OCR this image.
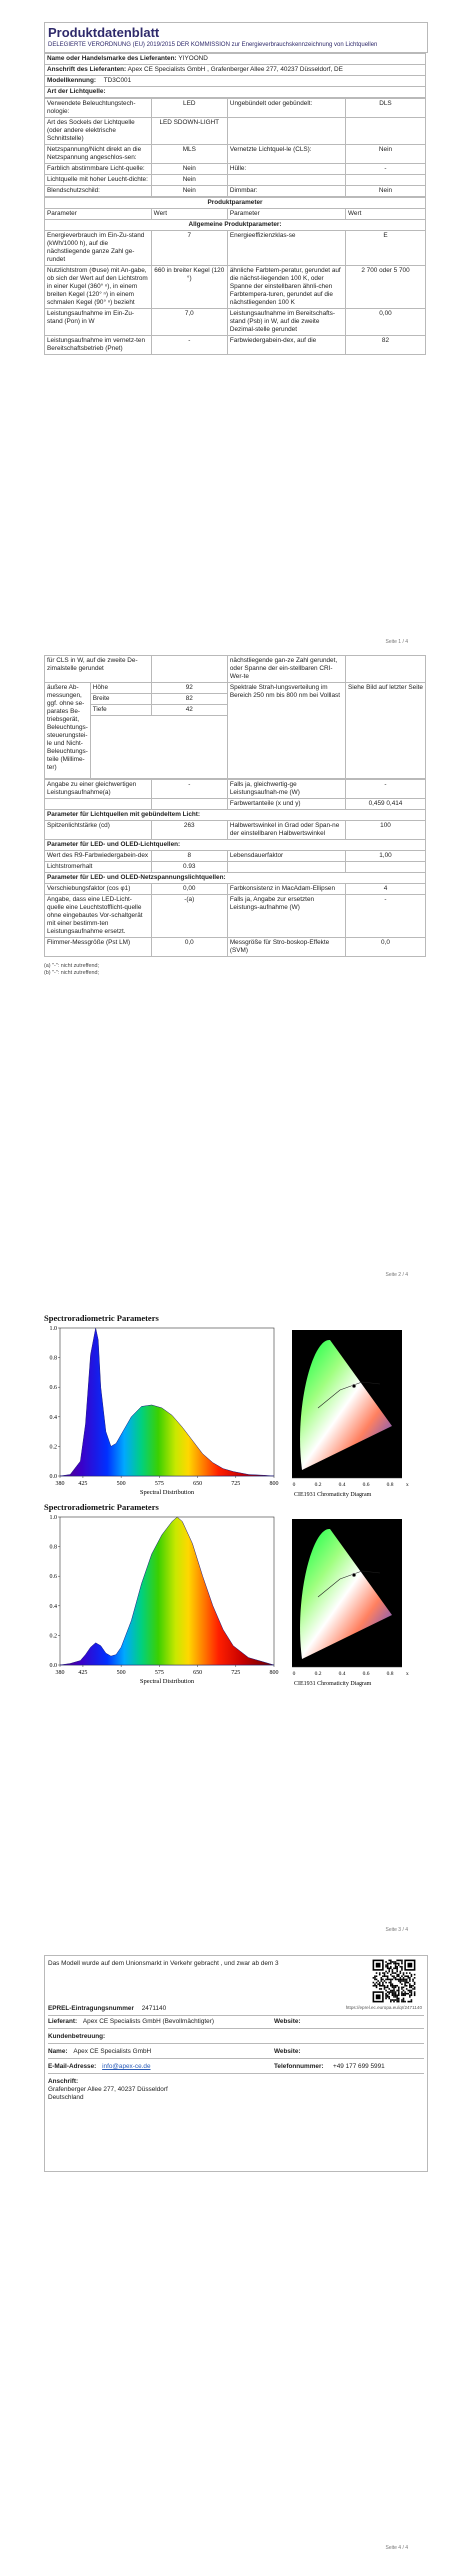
Produktdatenblatt
DELEGIERTE VERORDNUNG (EU) 2019/2015 DER KOMMISSION zur Energieverbrauchskennzeichnung von Lichtquellen
Name oder Handelsmarke des Lieferanten: YIYOOND
Anschrift des Lieferanten: Apex CE Specialists GmbH , Grafenberger Allee 277, 40237 Düsseldorf, DE
Modellkennung: TD3C001
Art der Lichtquelle:
Verwendete Beleuchtungstech-nologie:	LED	Ungebündelt oder gebündelt:	DLS
Art des Sockels der Lichtquelle (oder andere elektrische Schnittstelle)	LED SDOWN-LIGHT		
Netzspannung/Nicht direkt an die Netzspannung angeschlos-sen:	MLS	Vernetzte Lichtquel-le (CLS):	Nein
Farblich abstimmbare Licht-quelle:	Nein	Hülle:	-
Lichtquelle mit hoher Leucht-dichte:	Nein		
Blendschutzschild:	Nein	Dimmbar:	Nein
Produktparameter			
Parameter	Wert	Parameter	Wert
Allgemeine Produktparameter:			
Energieverbrauch im Ein-Zu-stand (kWh/1000 h), auf die nächstliegende ganze Zahl ge-rundet	7	Energieeffizienzklas-se	E
Nutzlichtstrom (Φuse) mit An-gabe, ob sich der Wert auf den Lichtstrom in einer Kugel (360° ⁿ), in einem breiten Kegel (120° ⁿ) in einem schmalen Kegel (90° ⁿ) bezieht	660 in breiter Kegel (120 °)	ähnliche Farbtem-peratur, gerundet auf die nächst-liegenden 100 K, oder Spanne der einstellbaren ähnli-chen Farbtempera-turen, gerundet auf die nächstliegenden 100 K	2 700 oder 5 700
Leistungsaufnahme im Ein-Zu-stand (Pon) in W	7,0	Leistungsaufnahme im Bereitschafts-stand (Psb) in W, auf die zweite Dezimal-stelle gerundet	0,00
Leistungsaufnahme im vernetz-ten Bereitschaftsbetrieb (Pnet)	-	Farbwiedergabein-dex, auf die	82
Seite 1 / 4
für CLS in W, auf die zweite De-zimalstelle gerundet			nächstliegende gan-ze Zahl gerundet, oder Spanne der ein-stellbaren CRI-Wer-te	
äußere Ab-messungen, ggf. ohne se-parates Be-triebsgerät, Beleuchtungs-steuerungstei-le und Nicht-Beleuchtungs-teile (Millime-ter)	Höhe	92	Spektrale Strah-lungsverteilung im Bereich 250 nm bis 800 nm bei Volllast	Siehe Bild auf letzter Seite
	Breite	82		
	Tiefe	42		

Angabe zu einer gleichwertigen Leistungsaufnahme(a)	-	Falls ja, gleichwertig-ge Leistungsaufnah-me (W)	-
		Farbwertanteile (x und y)	0,459 0,414
Parameter für Lichtquellen mit gebündeltem Licht:			
Spitzenlichtstärke (cd)	263	Halbwertswinkel in Grad oder Span-ne der einstellbaren Halbwertswinkel	100
Parameter für LED- und OLED-Lichtquellen:			
Wert des R9-Farbwiedergabein-dex	8	Lebensdauerfaktor	1,00
Lichtstromerhalt	0.93		
Parameter für LED- und OLED-Netzspannungslichtquellen:			
Verschiebungsfaktor (cos φ1)	0,00	Farbkonsistenz in MacAdam-Ellipsen	4
Angabe, dass eine LED-Licht-quelle eine Leuchtstofflicht-quelle ohne eingebautes Vor-schaltgerät mit einer bestimm-ten Leistungsaufnahme ersetzt.	-(a)	Falls ja, Angabe zur ersetzten Leistungs-aufnahme (W)	-
Flimmer-Messgröße (Pst LM)	0,0	Messgröße für Stro-boskop-Effekte (SVM)	0,0
(a) "-": nicht zutreffend;
(b) "-": nicht zutreffend;
Seite 2 / 4
Spectroradiometric Parameters
0.0
0.2
0.4
0.6
0.8
1.0
380 425	500	575	650	725	800
Spectral Distribution
0	0.2	0.4	0.6	0.8 x
CIE1931 Chromaticity Diagram
Spectroradiometric Parameters
0.0
0.2
0.4
0.6
0.8
1.0
380 425	500	575	650	725	800
Spectral Distribution
0	0.2	0.4	0.6	0.8 x
CIE1931 Chromaticity Diagram
Seite 3 / 4
Das Modell wurde auf dem Unionsmarkt in Verkehr gebracht , und zwar ab dem 3
EPREL-Eintragungsnummer 2471140	https://eprel.ec.europa.eu/qr/2471140
Lieferant: Apex CE Specialists GmbH (Bevollmächtigter)	Website:
Kundenbetreuung:
Name: Apex CE Specialists GmbH	Website:
E-Mail-Adresse: info@apex-ce.de	Telefonnummer: +49 177 699 5991
Anschrift:
Grafenberger Allee 277, 40237 Düsseldorf
Deutschland
Seite 4 / 4
